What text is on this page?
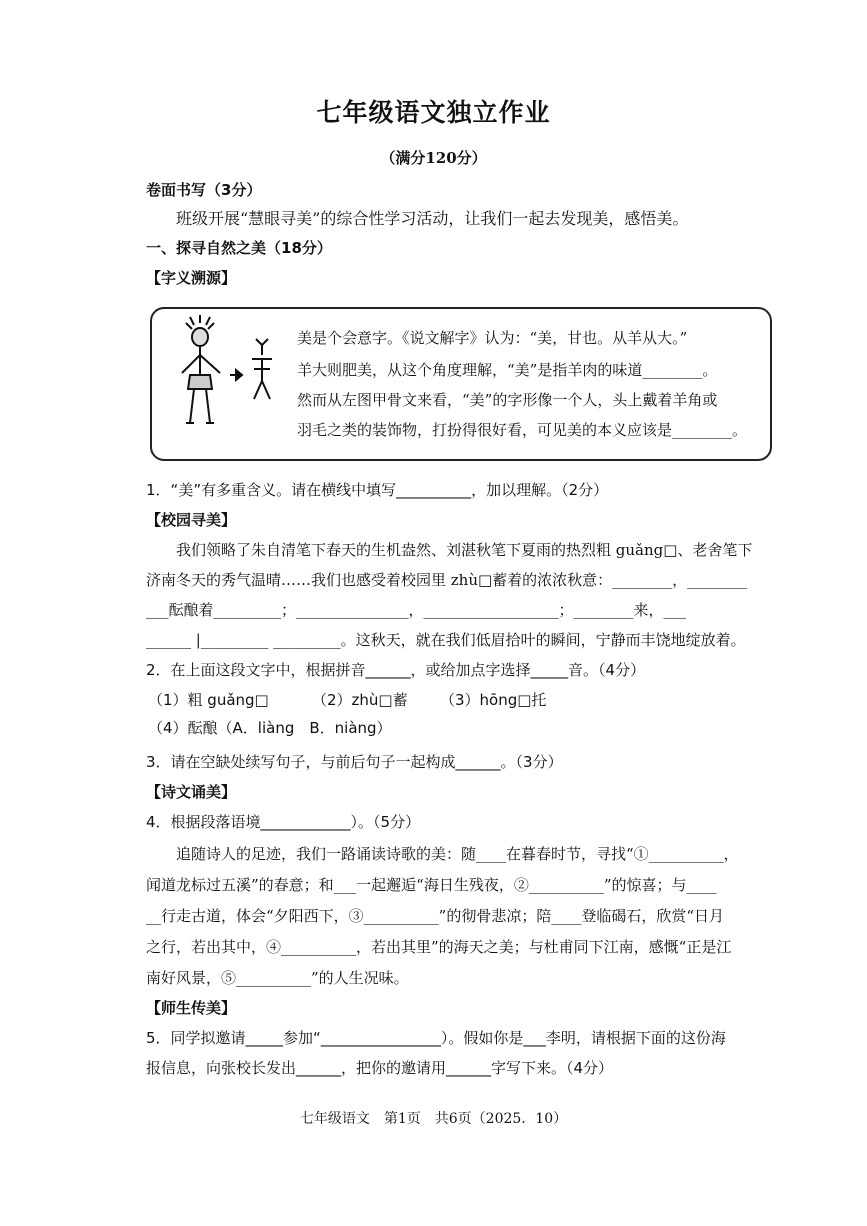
七年级语文独立作业
（满分120分）
卷面书写（3分）
班级开展“慧眼寻美”的综合性学习活动，让我们一起去发现美，感悟美。
一、探寻自然之美（18分）
【字义溯源】
美是个会意字。《说文解字》认为：“美，甘也。从羊从大。”
羊大则肥美，从这个角度理解，“美”是指羊肉的味道________。
然而从左图甲骨文来看，“美”的字形像一个人，头上戴着羊角或
羽毛之类的装饰物，打扮得很好看，可见美的本义应该是________。
1．“美”有多重含义。请在横线中填写__________，加以理解。（2分）
【校园寻美】
我们领略了朱自清笔下春天的生机盎然、刘湛秋笔下夏雨的热烈粗 guǎng□、老舍笔下
济南冬天的秀气温晴……我们也感受着校园里 zhù□蓄着的浓浓秋意：________，________
___酝酿着_________；_______________，__________________；________来，___
______ |_________ _________。这秋天，就在我们低眉拾叶的瞬间，宁静而丰饶地绽放着。
2．在上面这段文字中，根据拼音______，或给加点字选择_____音。（4分）
（1）粗 guǎng□	（2）zhù□蓄 （3）hōng□托
（4）酝酿（A．liàng　B．niàng）
3．请在空缺处续写句子，与前后句子一起构成______。（3分）
【诗文诵美】
4．根据段落语境____________）。（5分）
追随诗人的足迹，我们一路诵读诗歌的美：随____在暮春时节，寻找“①__________，
闻道龙标过五溪”的春意；和___一起邂逅“海日生残夜，②__________”的惊喜；与____
__行走古道，体会“夕阳西下，③__________”的彻骨悲凉；陪____登临碣石，欣赏“日月
之行，若出其中，④__________，若出其里”的海天之美；与杜甫同下江南，感慨“正是江
南好风景，⑤__________”的人生况味。
【师生传美】
5．同学拟邀请_____参加“________________）。假如你是___李明，请根据下面的这份海
报信息，向张校长发出______，把你的邀请用______字写下来。（4分）
七年级语文　第1页　共6页（2025．10）
